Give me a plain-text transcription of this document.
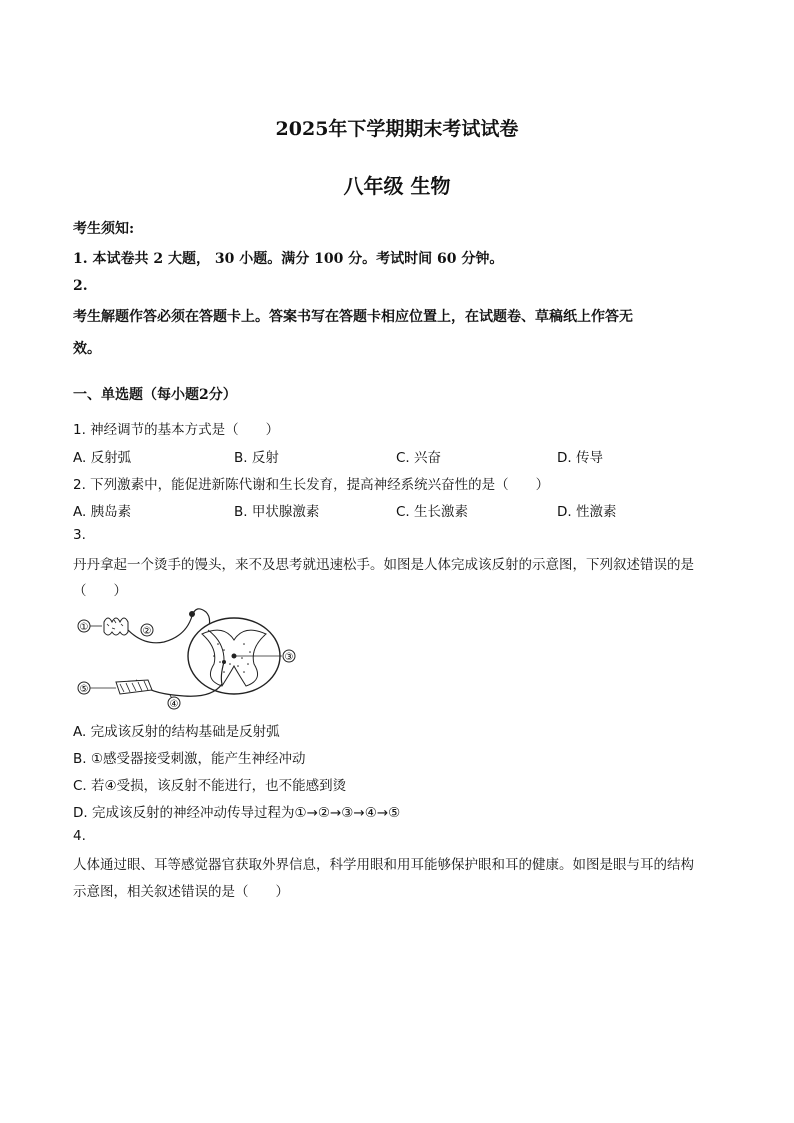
2025年下学期期末考试试卷
八年级 生物
考生须知:
1. 本试卷共 2 大题， 30 小题。满分 100 分。考试时间 60 分钟。
2.
考生解题作答必须在答题卡上。答案书写在答题卡相应位置上，在试题卷、草稿纸上作答无
效。
一、单选题（每小题2分）
1. 神经调节的基本方式是（　　）
A. 反射弧	B. 反射	C. 兴奋	D. 传导
2. 下列激素中，能促进新陈代谢和生长发育，提高神经系统兴奋性的是（　　）
A. 胰岛素	B. 甲状腺激素	C. 生长激素	D. 性激素
3.
丹丹拿起一个烫手的馒头，来不及思考就迅速松手。如图是人体完成该反射的示意图，下列叙述错误的是
（　　）
①	②
③
⑤
④
A. 完成该反射的结构基础是反射弧
B. ①感受器接受刺激，能产生神经冲动
C. 若④受损，该反射不能进行，也不能感到烫
D. 完成该反射的神经冲动传导过程为①→②→③→④→⑤
4.
人体通过眼、耳等感觉器官获取外界信息，科学用眼和用耳能够保护眼和耳的健康。如图是眼与耳的结构
示意图，相关叙述错误的是（　　）
